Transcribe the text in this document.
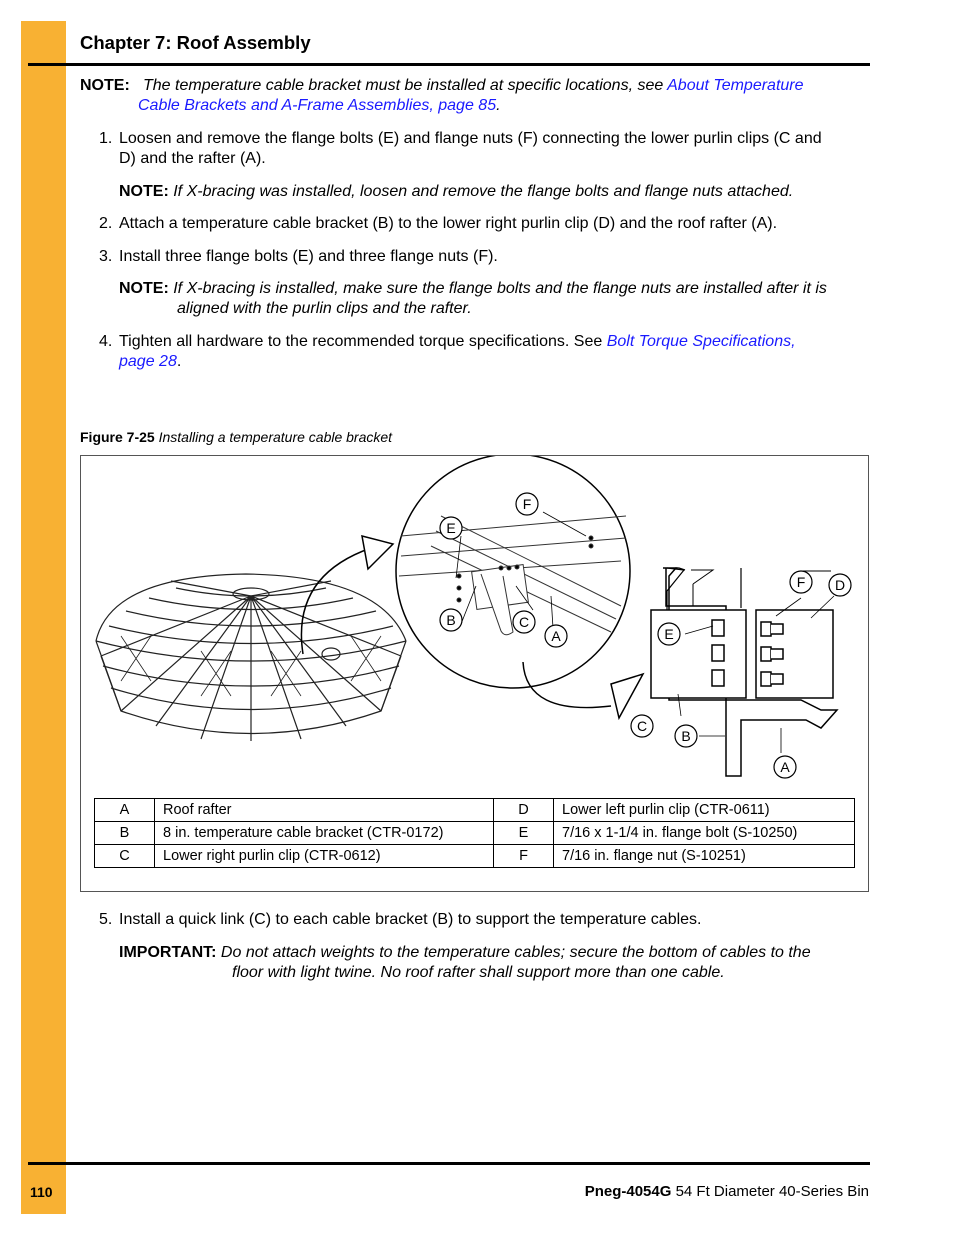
Chapter 7: Roof Assembly
NOTE: The temperature cable bracket must be installed at specific locations, see About Temperature
Cable Brackets and A-Frame Assemblies, page 85.
1. Loosen and remove the flange bolts (E) and flange nuts (F) connecting the lower purlin clips (C and
D) and the rafter (A).
NOTE: If X-bracing was installed, loosen and remove the flange bolts and flange nuts attached.
2. Attach a temperature cable bracket (B) to the lower right purlin clip (D) and the roof rafter (A).
3. Install three flange bolts (E) and three flange nuts (F).
NOTE: If X-bracing is installed, make sure the flange bolts and the flange nuts are installed after it is
aligned with the purlin clips and the rafter.
4. Tighten all hardware to the recommended torque specifications. See Bolt Torque Specifications,
page 28.
Figure 7-25 Installing a temperature cable bracket
E
F
B	C
A
F D
E
C
B
A
A	Roof rafter	D	Lower left purlin clip (CTR-0611)
B	8 in. temperature cable bracket (CTR-0172)	E	7/16 x 1-1/4 in. flange bolt (S-10250)
C	Lower right purlin clip (CTR-0612)	F	7/16 in. flange nut (S-10251)
5. Install a quick link (C) to each cable bracket (B) to support the temperature cables.
IMPORTANT: Do not attach weights to the temperature cables; secure the bottom of cables to the
floor with light twine. No roof rafter shall support more than one cable.
110	Pneg-4054G 54 Ft Diameter 40-Series Bin
